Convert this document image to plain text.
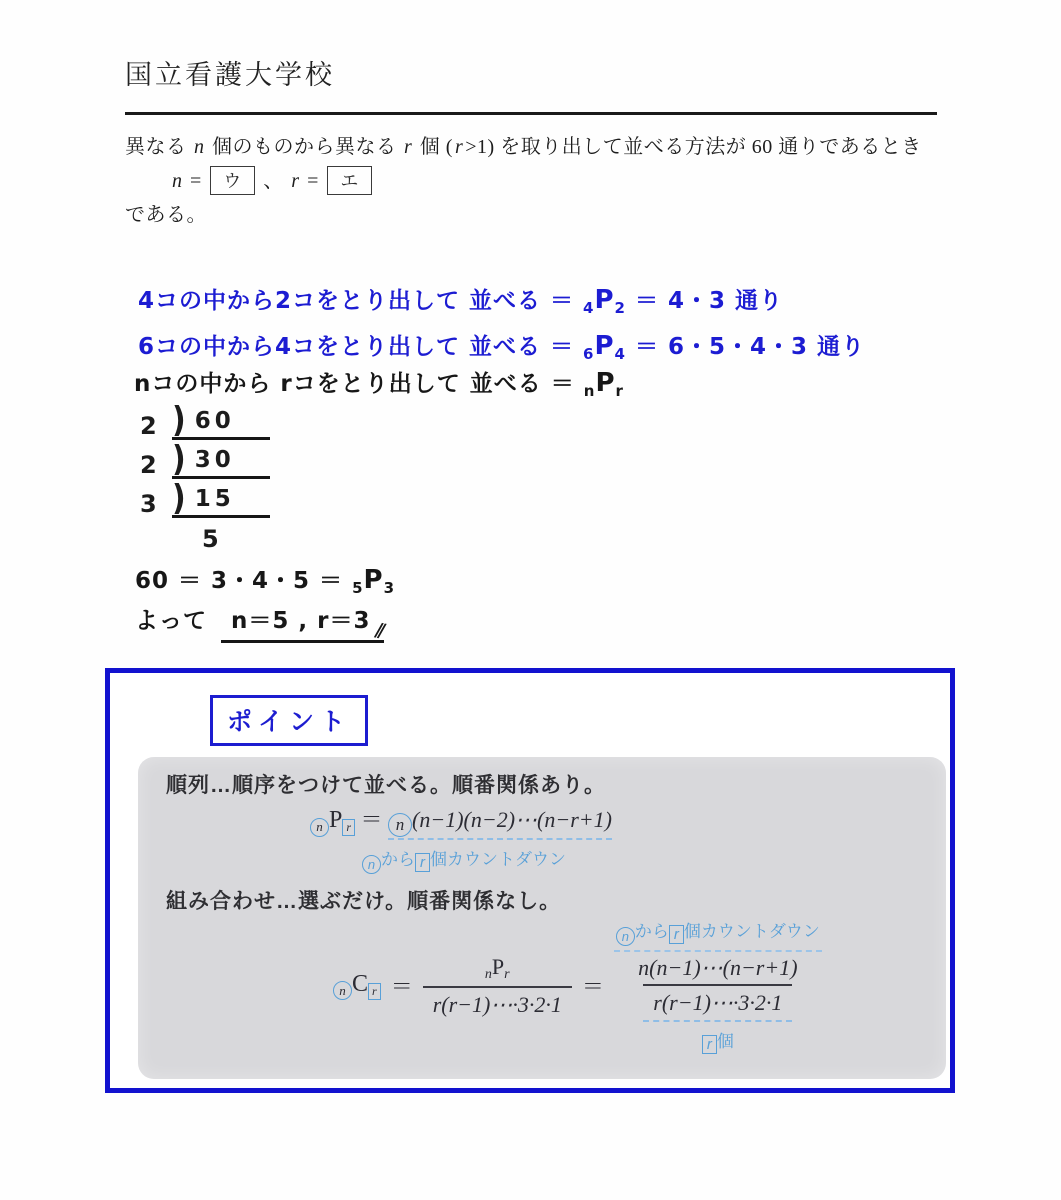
国立看護大学校
異なる n 個のものから異なる r 個 ( r >1) を取り出して並べる方法が 60 通りであるとき
n = ウ 、 r = エ
である。
4コの中から2コをとり出して 並べる ＝ $_4P_2 = 4$・3 通り
6コの中から4コをとり出して 並べる ＝ $_6P_4 = 6$・5・4・3 通り
nコの中から rコをとり出して 並べる ＝ $_nP_r$
2 ) 60
2 ) 30
3 ) 15
5
60 ＝ 3・4・$5 = _5P_3$
よって n＝5 , r＝3 ⫽
ポイント
順列…順序をつけて並べる。順番関係あり。
n P r ＝ n (n−1)(n−2)⋯(n−r+1)
n から r 個カウントダウン
組み合わせ…選ぶだけ。順番関係なし。
n C $r = \frac{_nP_r}{r(r-1)\cdots\cdot 3\cdot 2\cdot 1}$ ＝
n から r 個カウントダウン
n(n−1)⋯(n−r+1)
r(r−1)⋯·3·2·1
r 個
